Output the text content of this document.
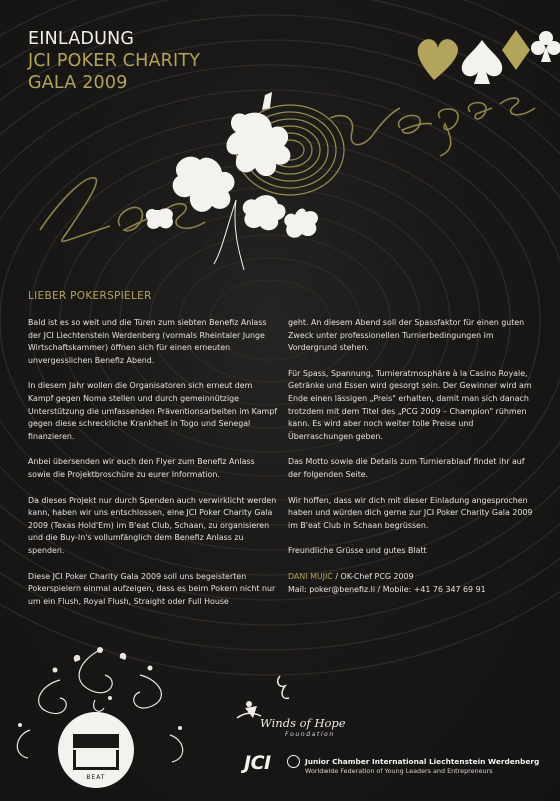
EINLADUNG
JCI POKER CHARITY
GALA 2009
LIEBER POKERSPIELER

Bald ist es so weit und die Türen zum siebten Benefiz Anlass der JCI Liechtenstein Werdenberg (vormals Rheintaler Junge Wirtschaftskammer) öffnen sich für einen erneuten unvergesslichen Benefiz Abend.

In diesem Jahr wollen die Organisatoren sich erneut dem Kampf gegen Noma stellen und durch gemeinnützige Unterstützung die umfassenden Präventionsarbeiten im Kampf gegen diese schreckliche Krankheit in Togo und Senegal finanzieren.

Anbei übersenden wir euch den Flyer zum Benefiz Anlass sowie die Projektbroschüre zu eurer Information.

Da dieses Projekt nur durch Spenden auch verwirklicht werden kann, haben wir uns entschlossen, eine JCI Poker Charity Gala 2009 (Texas Hold'Em) im B'eat Club, Schaan, zu organisieren und die Buy-In's vollumfänglich dem Benefiz Anlass zu spenden.

Diese JCI Poker Charity Gala 2009 soll uns begeisterten Pokerspielern einmal aufzeigen, dass es beim Pokern nicht nur um ein Flush, Royal Flush, Straight oder Full House

geht. An diesem Abend soll der Spassfaktor für einen guten Zweck unter professionellen Turnierbedingungen im Vordergrund stehen.

Für Spass, Spannung, Turnieratmosphäre à la Casino Royale, Getränke und Essen wird gesorgt sein. Der Gewinner wird am Ende einen lässigen „Preis" erhalten, damit man sich danach trotzdem mit dem Titel des „PCG 2009 – Champion" rühmen kann. Es wird aber noch weiter tolle Preise und Überraschungen geben.

Das Motto sowie die Details zum Turnierablauf findet ihr auf der folgenden Seite.

Wir hoffen, dass wir dich mit dieser Einladung angesprochen haben und würden dich gerne zur JCI Poker Charity Gala 2009 im B'eat Club in Schaan begrüssen.

Freundliche Grüsse und gutes Blatt

DANI MUJIĆ / OK-Chef PCG 2009

Mail: poker@benefiz.li / Mobile: +41 76 347 69 91

BEAT
Winds of Hope
Foundation
JCI	Junior Chamber International Liechtenstein Werdenberg
Worldwide Federation of Young Leaders and Entrepreneurs
